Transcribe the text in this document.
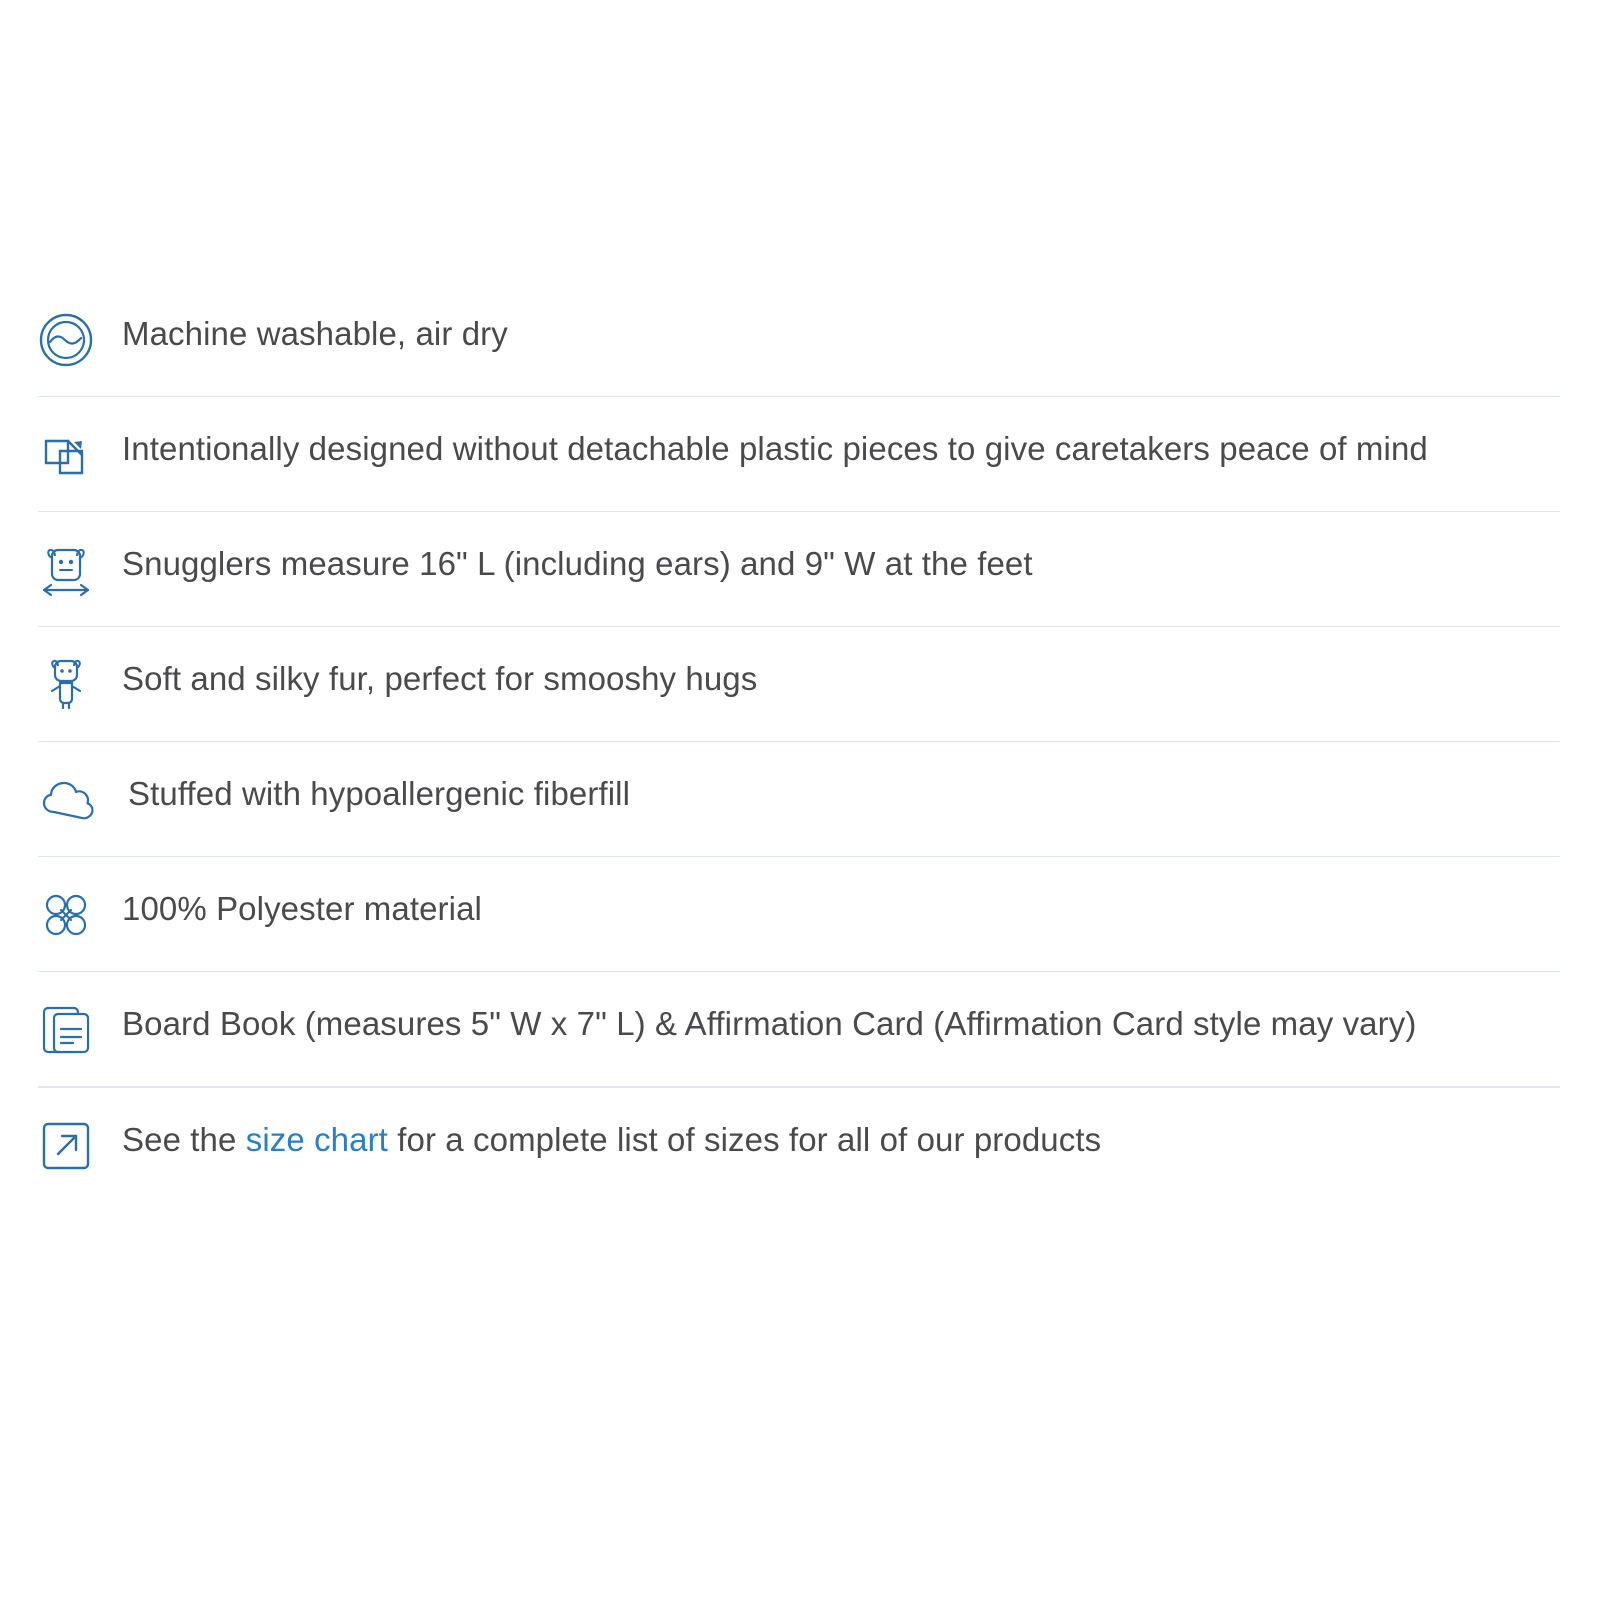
Machine washable, air dry
Intentionally designed without detachable plastic pieces to give caretakers peace of mind
Snugglers measure 16" L (including ears) and 9" W at the feet
Soft and silky fur, perfect for smooshy hugs
Stuffed with hypoallergenic fiberfill
100% Polyester material
Board Book (measures 5" W x 7" L) & Affirmation Card (Affirmation Card style may vary)
See the size chart for a complete list of sizes for all of our products
